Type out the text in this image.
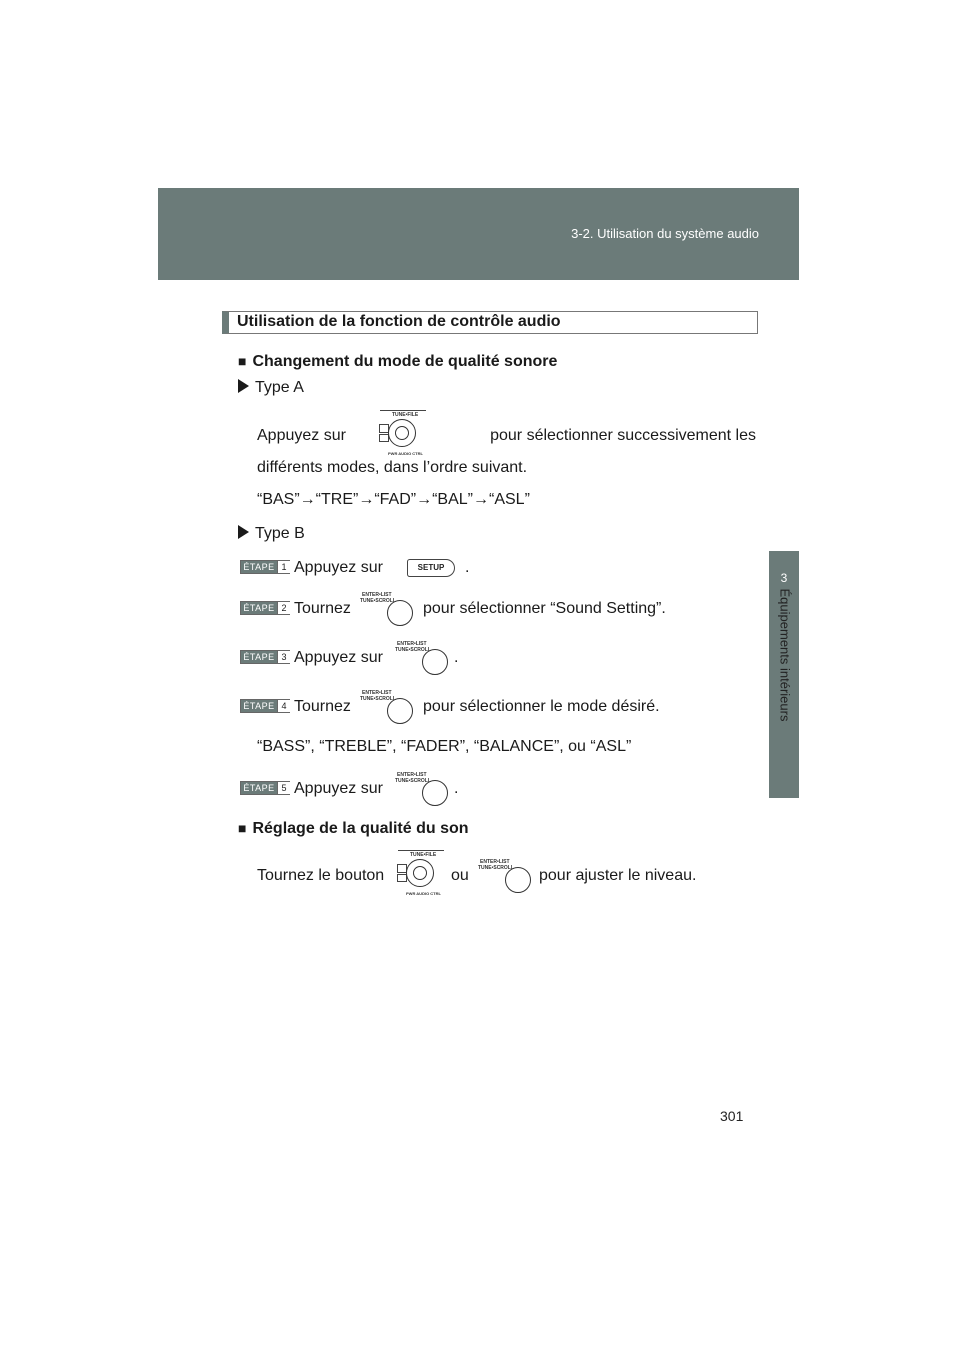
3-2. Utilisation du système audio
3
Équipements intérieurs
Utilisation de la fonction de contrôle audio
■ Changement du mode de qualité sonore
Type A
Appuyez sur
TUNE•FILE
PWR AUDIO CTRL
pour sélectionner successivement les
différents modes, dans l’ordre suivant.
“BAS”→“TRE”→“FAD”→“BAL”→“ASL”
Type B
ÉTAPE 1 Appuyez sur	SETUP	.
ÉTAPE 2 Tournez
ENTER•LIST
TUNE•SCROLL pour sélectionner “Sound Setting”.
ÉTAPE 3 Appuyez sur
ENTER•LIST
TUNE•SCROLL .
ÉTAPE 4 Tournez
ENTER•LIST
TUNE•SCROLL pour sélectionner le mode désiré.
“BASS”, “TREBLE”, “FADER”, “BALANCE”, ou “ASL”
ÉTAPE 5 Appuyez sur
ENTER•LIST
TUNE•SCROLL .
■ Réglage de la qualité du son
Tournez le bouton
TUNE•FILE
PWR AUDIO CTRL
ou
ENTER•LIST
TUNE•SCROLL pour ajuster le niveau.
301
